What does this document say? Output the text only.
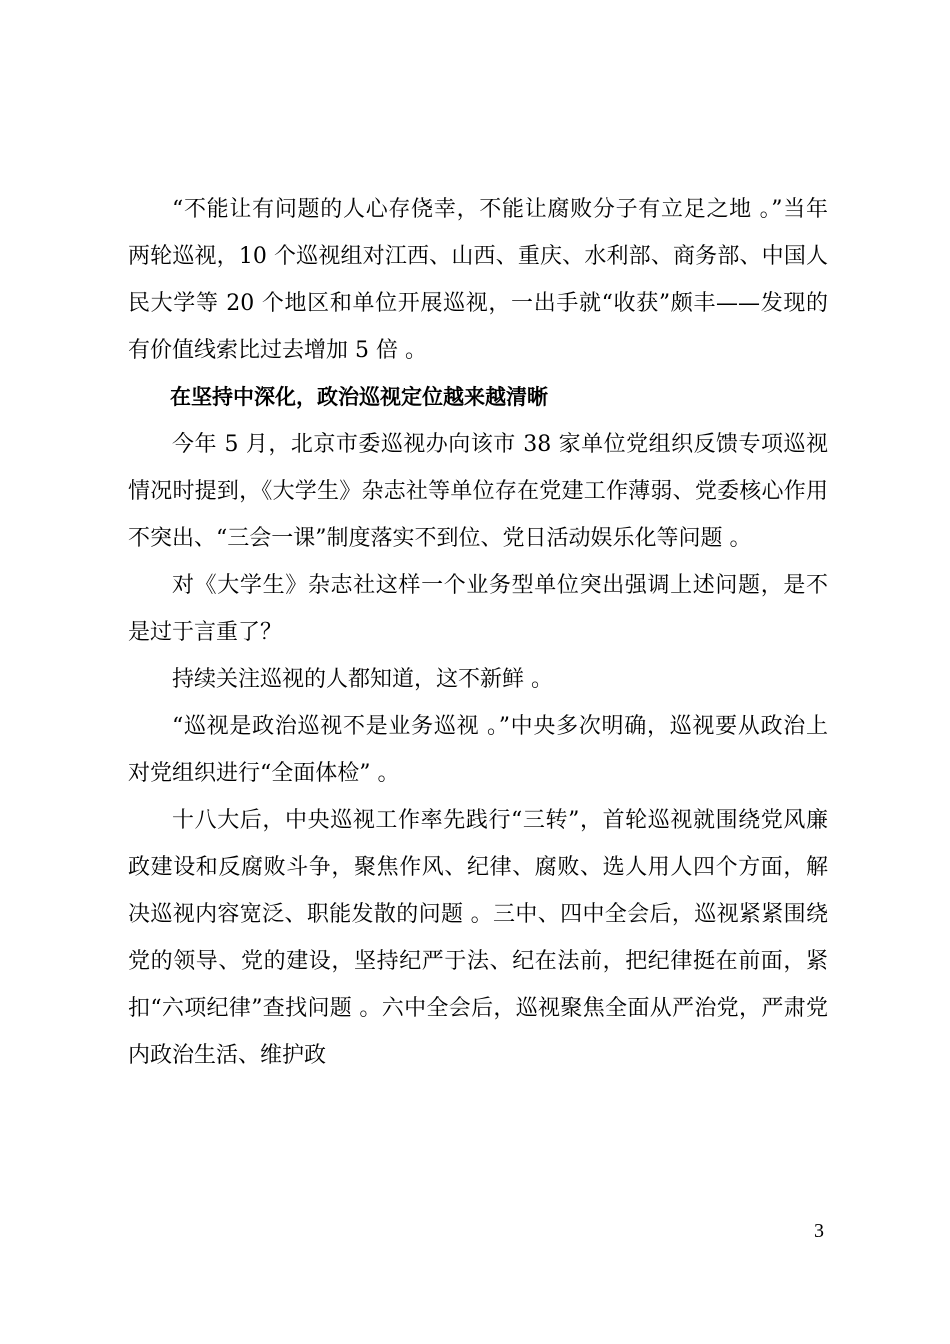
“不能让有问题的人心存侥幸，不能让腐败分子有立足之地 。”当年两轮巡视，10 个巡视组对江西、山西、重庆、水利部、商务部、中国人民大学等 20 个地区和单位开展巡视，一出手就“收获”颇丰——发现的有价值线索比过去增加 5 倍 。

在坚持中深化，政治巡视定位越来越清晰

今年 5 月，北京市委巡视办向该市 38 家单位党组织反馈专项巡视情况时提到，《大学生》杂志社等单位存在党建工作薄弱、党委核心作用不突出、“三会一课”制度落实不到位、党日活动娱乐化等问题 。

对《大学生》杂志社这样一个业务型单位突出强调上述问题，是不是过于言重了？

持续关注巡视的人都知道，这不新鲜 。

“巡视是政治巡视不是业务巡视 。”中央多次明确，巡视要从政治上对党组织进行“全面体检” 。

十八大后，中央巡视工作率先践行“三转”，首轮巡视就围绕党风廉政建设和反腐败斗争，聚焦作风、纪律、腐败、选人用人四个方面，解决巡视内容宽泛、职能发散的问题 。三中、四中全会后，巡视紧紧围绕党的领导、党的建设，坚持纪严于法、纪在法前，把纪律挺在前面，紧扣“六项纪律”查找问题 。六中全会后，巡视聚焦全面从严治党，严肃党内政治生活、维护政

3
